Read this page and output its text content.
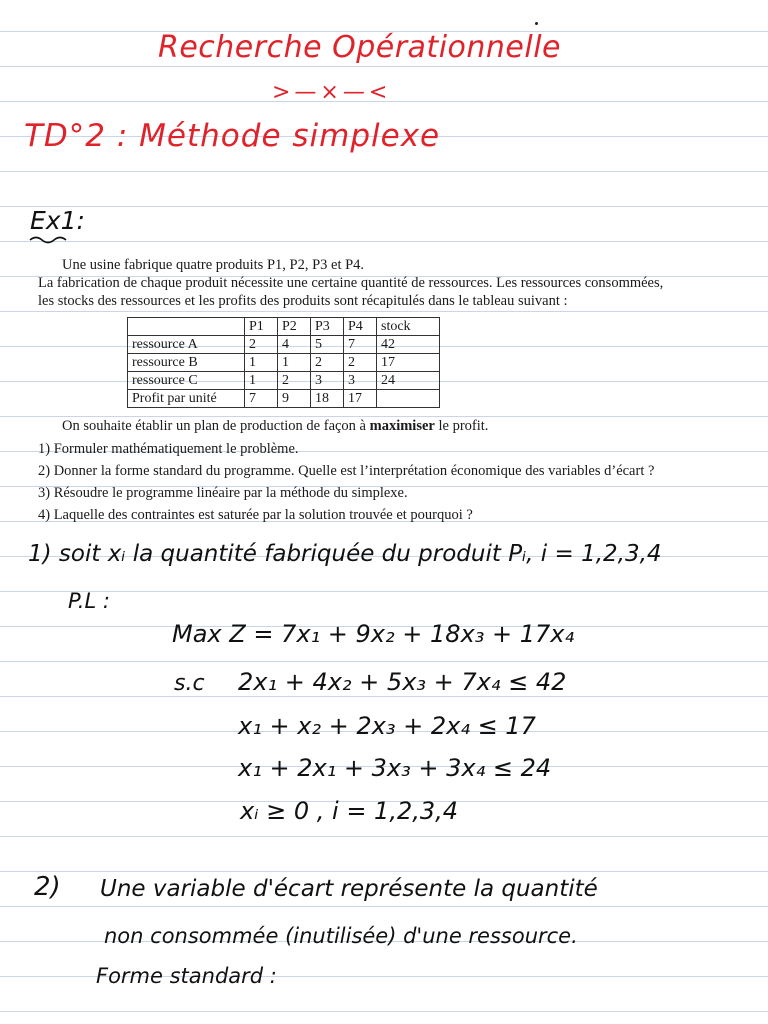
Recherche Opérationnelle
>—×—<
TD°2 : Méthode simplexe
Ex1:
Une usine fabrique quatre produits P1, P2, P3 et P4.
La fabrication de chaque produit nécessite une certaine quantité de ressources. Les ressources consommées,
les stocks des ressources et les profits des produits sont récapitulés dans le tableau suivant :
	P1	P2	P3	P4	stock
ressource A	2	4	5	7	42
ressource B	1	1	2	2	17
ressource C	1	2	3	3	24
Profit par unité	7	9	18	17	
On souhaite établir un plan de production de façon à maximiser le profit.
1) Formuler mathématiquement le problème.
2) Donner la forme standard du programme. Quelle est l’interprétation économique des variables d’écart ?
3) Résoudre le programme linéaire par la méthode du simplexe.
4) Laquelle des contraintes est saturée par la solution trouvée et pourquoi ?
1) soit xᵢ la quantité fabriquée du produit Pᵢ, i = 1,2,3,4
P.L :
Max Z = 7x₁ + 9x₂ + 18x₃ + 17x₄
s.c 2x₁ + 4x₂ + 5x₃ + 7x₄ ≤ 42
x₁ + x₂ + 2x₃ + 2x₄ ≤ 17
x₁ + 2x₁ + 3x₃ + 3x₄ ≤ 24
xᵢ ≥ 0 , i = 1,2,3,4
2) Une variable d'écart représente la quantité
non consommée (inutilisée) d'une ressource.
Forme standard :
